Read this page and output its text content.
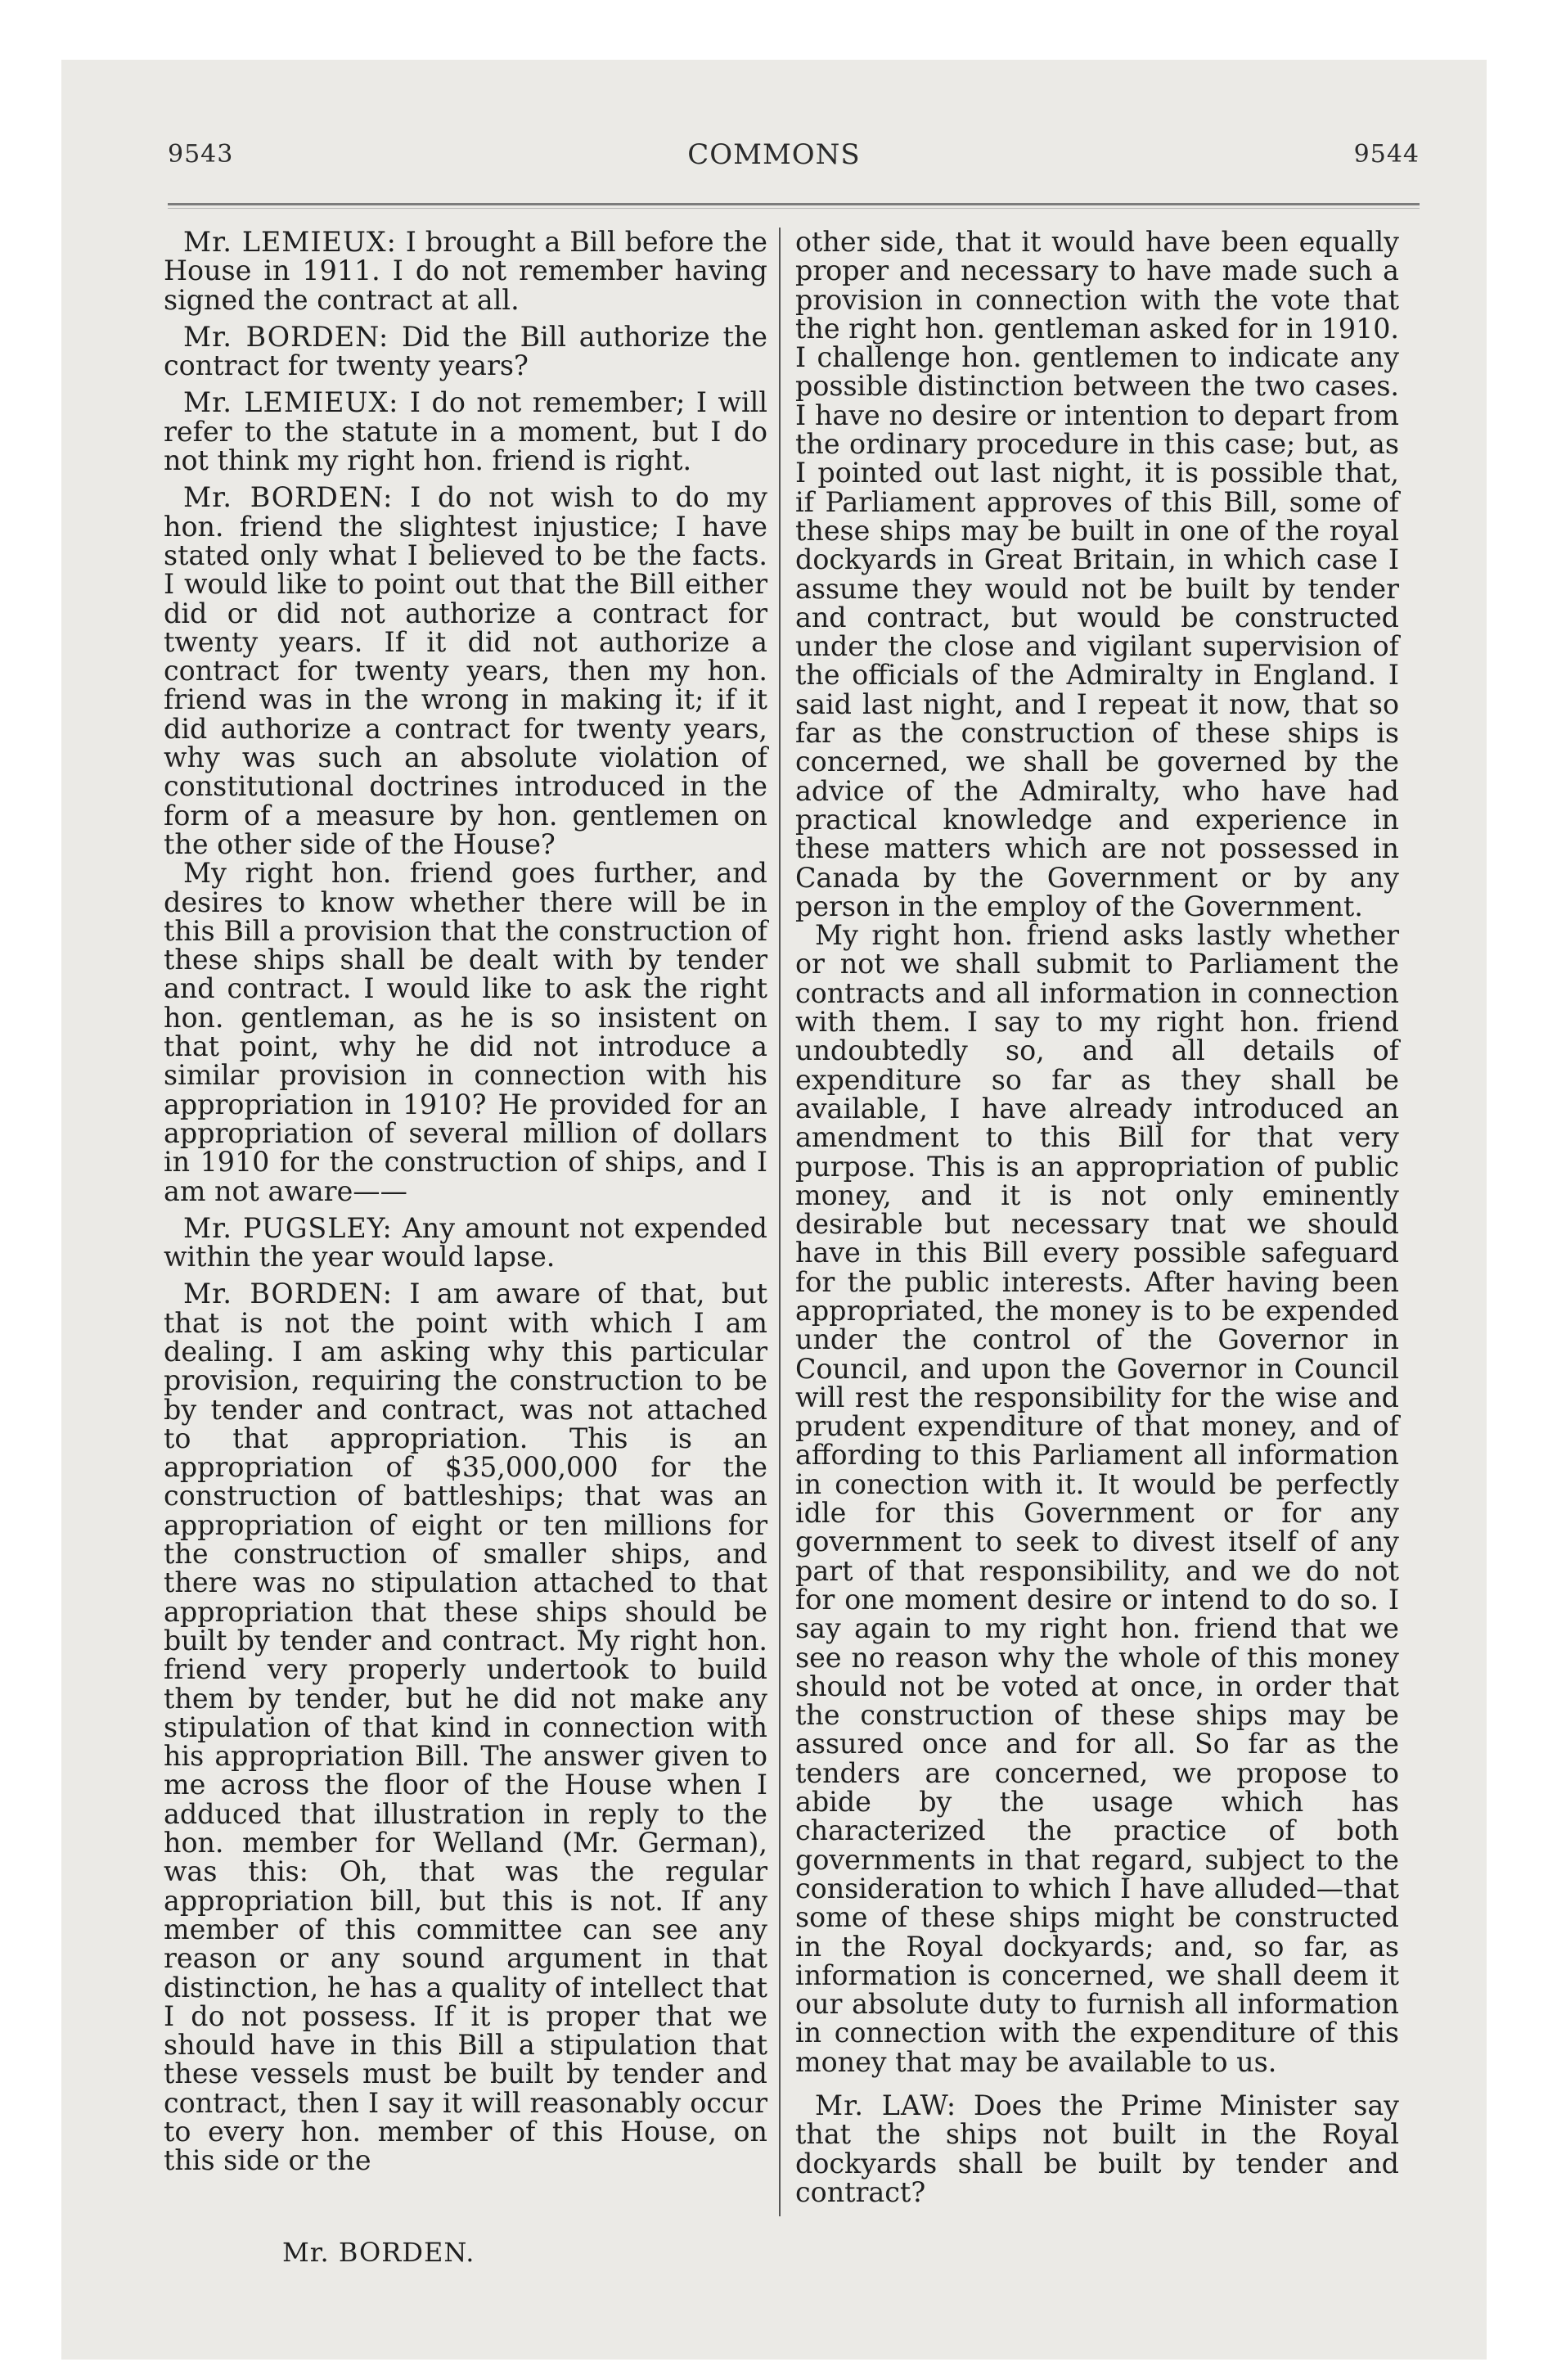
9543	COMMONS	9544

Mr. LEMIEUX: I brought a Bill before the House in 1911. I do not remember having signed the contract at all.

Mr. BORDEN: Did the Bill authorize the contract for twenty years?

Mr. LEMIEUX: I do not remember; I will refer to the statute in a moment, but I do not think my right hon. friend is right.

Mr. BORDEN: I do not wish to do my hon. friend the slightest injustice; I have stated only what I believed to be the facts. I would like to point out that the Bill either did or did not authorize a contract for twenty years. If it did not authorize a contract for twenty years, then my hon. friend was in the wrong in making it; if it did authorize a contract for twenty years, why was such an absolute violation of constitutional doctrines introduced in the form of a measure by hon. gentlemen on the other side of the House?

My right hon. friend goes further, and desires to know whether there will be in this Bill a provision that the construction of these ships shall be dealt with by tender and contract. I would like to ask the right hon. gentleman, as he is so insistent on that point, why he did not introduce a similar provision in connection with his appropriation in 1910? He provided for an appropriation of several million of dollars in 1910 for the construction of ships, and I am not aware——

Mr. PUGSLEY: Any amount not expended within the year would lapse.

Mr. BORDEN: I am aware of that, but that is not the point with which I am dealing. I am asking why this particular provision, requiring the construction to be by tender and contract, was not attached to that appropriation. This is an appropriation of $35,000,000 for the construction of battleships; that was an appropriation of eight or ten millions for the construction of smaller ships, and there was no stipulation attached to that appropriation that these ships should be built by tender and contract. My right hon. friend very properly undertook to build them by tender, but he did not make any stipulation of that kind in connection with his appropriation Bill. The answer given to me across the floor of the House when I adduced that illustration in reply to the hon. member for Welland (Mr. German), was this: Oh, that was the regular appropriation bill, but this is not. If any member of this committee can see any reason or any sound argument in that distinction, he has a quality of intellect that I do not possess. If it is proper that we should have in this Bill a stipulation that these vessels must be built by tender and contract, then I say it will reasonably occur to every hon. member of this House, on this side or the

other side, that it would have been equally proper and necessary to have made such a provision in connection with the vote that the right hon. gentleman asked for in 1910. I challenge hon. gentlemen to indicate any possible distinction between the two cases. I have no desire or intention to depart from the ordinary procedure in this case; but, as I pointed out last night, it is possible that, if Parliament approves of this Bill, some of these ships may be built in one of the royal dockyards in Great Britain, in which case I assume they would not be built by tender and contract, but would be constructed under the close and vigilant supervision of the officials of the Admiralty in England. I said last night, and I repeat it now, that so far as the construction of these ships is concerned, we shall be governed by the advice of the Admiralty, who have had practical knowledge and experience in these matters which are not possessed in Canada by the Government or by any person in the employ of the Government.

My right hon. friend asks lastly whether or not we shall submit to Parliament the contracts and all information in connection with them. I say to my right hon. friend undoubtedly so, and all details of expenditure so far as they shall be available, I have already introduced an amendment to this Bill for that very purpose. This is an appropriation of public money, and it is not only eminently desirable but necessary tnat we should have in this Bill every possible safeguard for the public interests. After having been appropriated, the money is to be expended under the control of the Governor in Council, and upon the Governor in Council will rest the responsibility for the wise and prudent expenditure of that money, and of affording to this Parliament all information in conection with it. It would be perfectly idle for this Government or for any government to seek to divest itself of any part of that responsibility, and we do not for one moment desire or intend to do so. I say again to my right hon. friend that we see no reason why the whole of this money should not be voted at once, in order that the construction of these ships may be assured once and for all. So far as the tenders are concerned, we propose to abide by the usage which has characterized the practice of both governments in that regard, subject to the consideration to which I have alluded—that some of these ships might be constructed in the Royal dockyards; and, so far, as information is concerned, we shall deem it our absolute duty to furnish all information in connection with the expenditure of this money that may be available to us.

Mr. LAW: Does the Prime Minister say that the ships not built in the Royal dockyards shall be built by tender and contract?

Mr. BORDEN.
